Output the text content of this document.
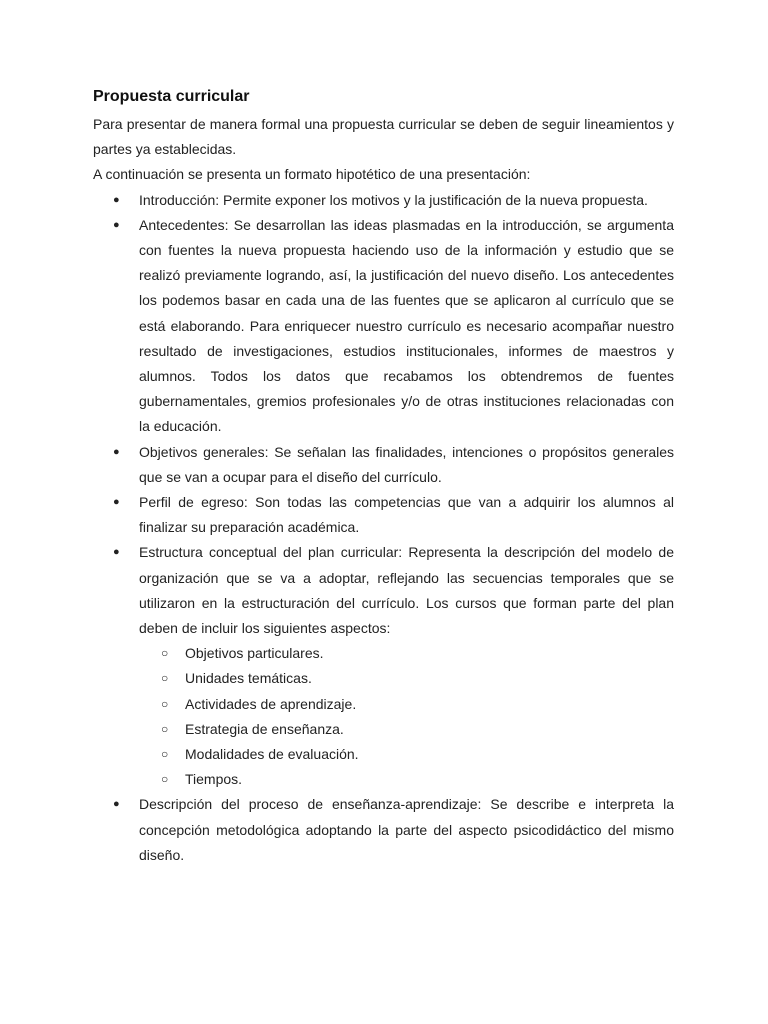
Propuesta curricular

Para presentar de manera formal una propuesta curricular se deben de seguir lineamientos y partes ya establecidas.

A continuación se presenta un formato hipotético de una presentación:

● Introducción: Permite exponer los motivos y la justificación de la nueva propuesta.
● Antecedentes: Se desarrollan las ideas plasmadas en la introducción, se argumenta con fuentes la nueva propuesta haciendo uso de la información y estudio que se realizó previamente logrando, así, la justificación del nuevo diseño. Los antecedentes los podemos basar en cada una de las fuentes que se aplicaron al currículo que se está elaborando. Para enriquecer nuestro currículo es necesario acompañar nuestro resultado de investigaciones, estudios institucionales, informes de maestros y alumnos. Todos los datos que recabamos los obtendremos de fuentes gubernamentales, gremios profesionales y/o de otras instituciones relacionadas con la educación.
● Objetivos generales: Se señalan las finalidades, intenciones o propósitos generales que se van a ocupar para el diseño del currículo.
● Perfil de egreso: Son todas las competencias que van a adquirir los alumnos al finalizar su preparación académica.
● Estructura conceptual del plan curricular: Representa la descripción del modelo de organización que se va a adoptar, reflejando las secuencias temporales que se utilizaron en la estructuración del currículo. Los cursos que forman parte del plan deben de incluir los siguientes aspectos:
○ Objetivos particulares.
○ Unidades temáticas.
○ Actividades de aprendizaje.
○ Estrategia de enseñanza.
○ Modalidades de evaluación.
○ Tiempos.
● Descripción del proceso de enseñanza-aprendizaje: Se describe e interpreta la concepción metodológica adoptando la parte del aspecto psicodidáctico del mismo diseño.
